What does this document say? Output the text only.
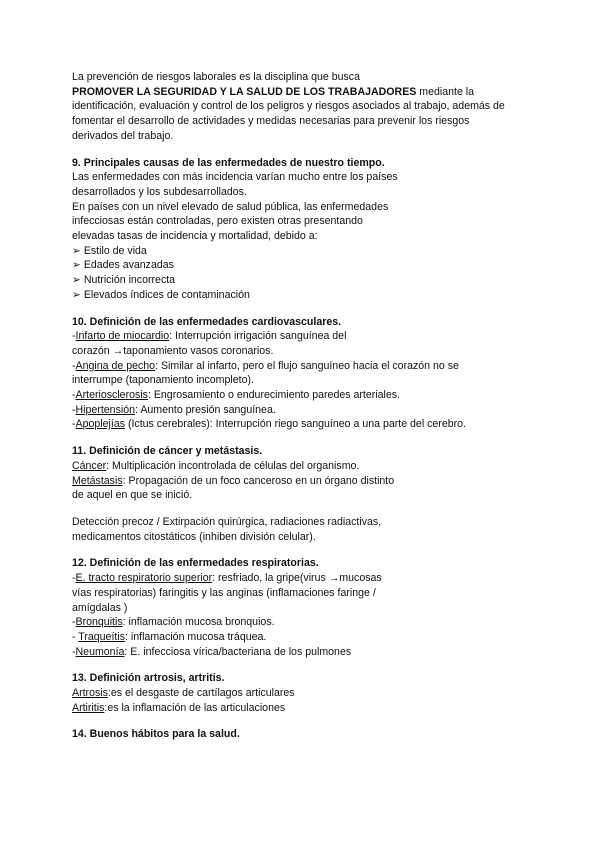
La prevención de riesgos laborales es la disciplina que busca

PROMOVER LA SEGURIDAD Y LA SALUD DE LOS TRABAJADORES mediante la

identificación, evaluación y control de los peligros y riesgos asociados al trabajo, además de

fomentar el desarrollo de actividades y medidas necesarias para prevenir los riesgos

derivados del trabajo.

9. Principales causas de las enfermedades de nuestro tiempo.

Las enfermedades con más incidencia varían mucho entre los países

desarrollados y los subdesarrollados.

En países con un nivel elevado de salud pública, las enfermedades

infecciosas están controladas, pero existen otras presentando

elevadas tasas de incidencia y mortalidad, debido a:

➢ Estilo de vida

➢ Edades avanzadas

➢ Nutrición incorrecta

➢ Elevados índices de contaminación

10. Definición de las enfermedades cardiovasculares.

-Infarto de miocardio: Interrupción irrigación sanguínea del

corazón →taponamiento vasos coronarios.

-Angina de pecho: Similar al infarto, pero el flujo sanguíneo hacia el corazón no se

interrumpe (taponamiento incompleto).

-Arteriosclerosis: Engrosamiento o endurecimiento paredes arteriales.

-Hipertensión: Aumento presión sanguínea.

-Apoplejías (Ictus cerebrales): Interrupción riego sanguíneo a una parte del cerebro.

11. Definición de cáncer y metástasis.

Cáncer: Multiplicación incontrolada de células del organismo.

Metástasis: Propagación de un foco canceroso en un órgano distinto

de aquel en que se inició.

Detección precoz / Extirpación quirúrgica, radiaciones radiactivas,

medicamentos citostáticos (inhiben división celular).

12. Definición de las enfermedades respiratorias.

-E. tracto respiratorio superior: resfriado, la gripe(virus →mucosas

vías respiratorias) faringitis y las anginas (inflamaciones faringe /

amígdalas )

-Bronquitis: inflamación mucosa bronquios.

- Traqueítis: inflamación mucosa tráquea.

-Neumonía: E. infecciosa vírica/bacteriana de los pulmones

13. Definición artrosis, artritis.

Artrosis:es el desgaste de cartílagos articulares

Artiritis:es la inflamación de las articulaciones

14. Buenos hábitos para la salud.
